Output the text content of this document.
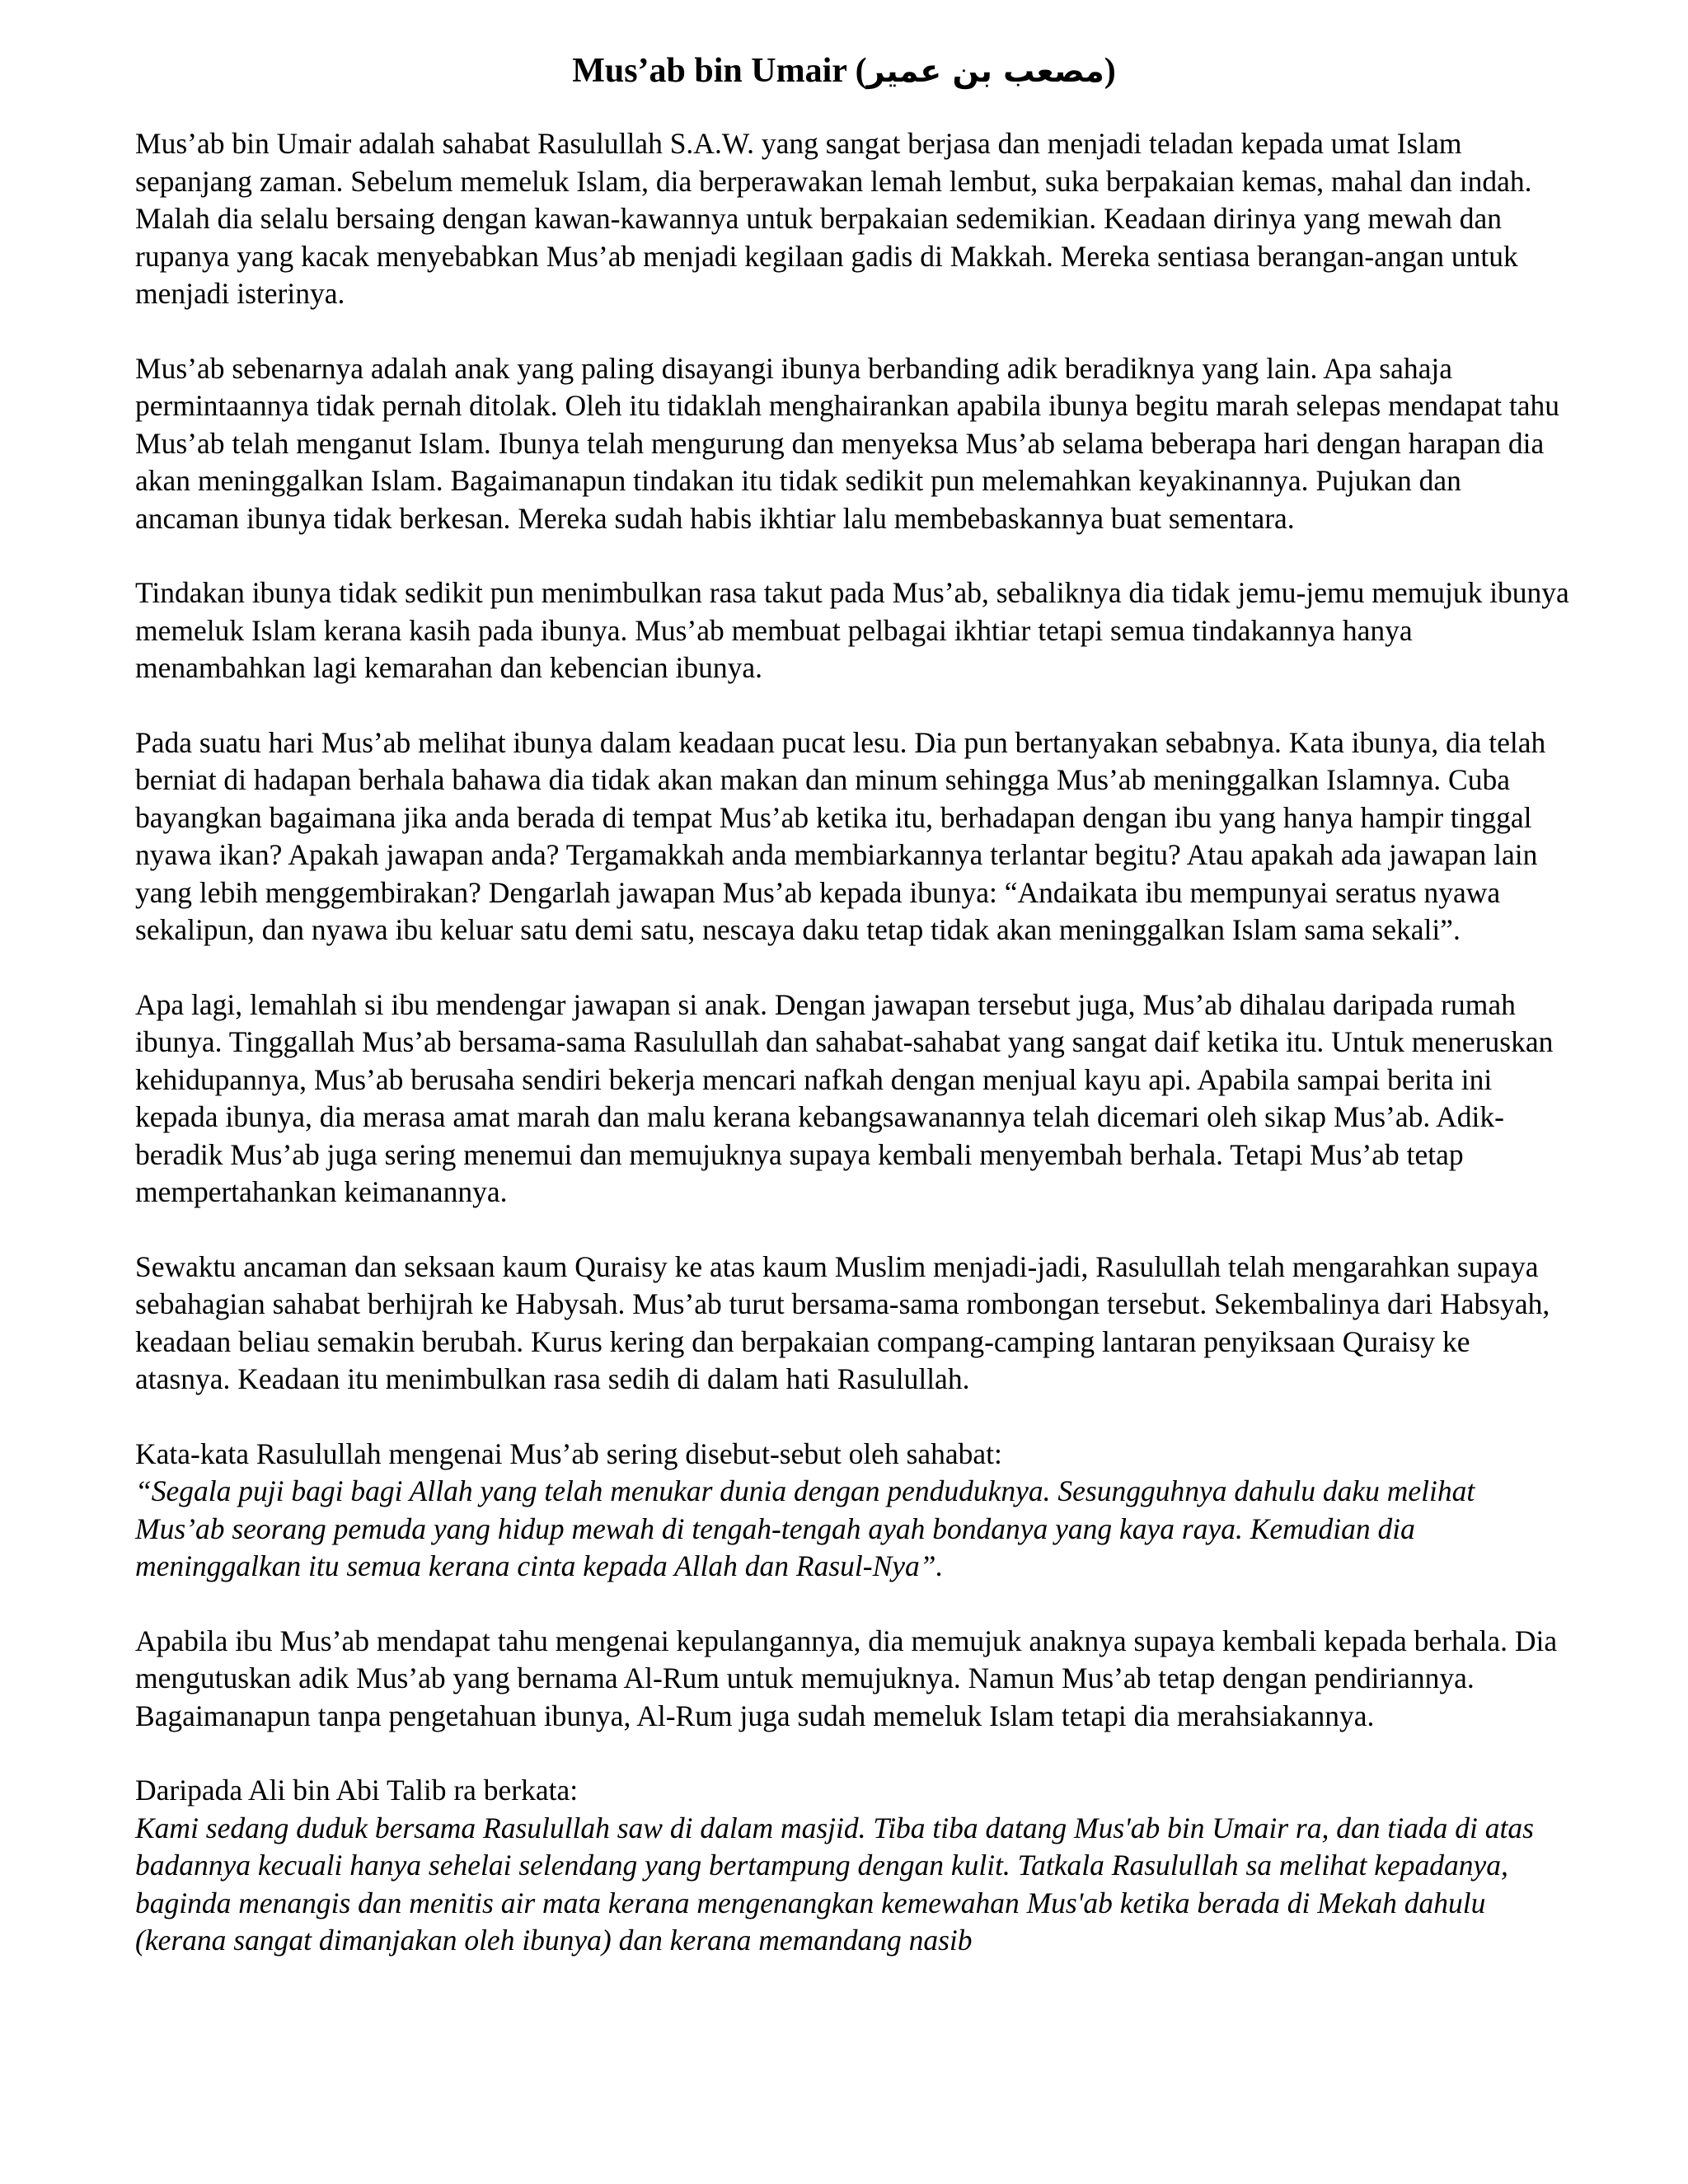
Mus’ab bin Umair (مصعب بن عمير)

Mus’ab bin Umair adalah sahabat Rasulullah S.A.W. yang sangat berjasa dan menjadi teladan kepada umat Islam sepanjang zaman. Sebelum memeluk Islam, dia berperawakan lemah lembut, suka berpakaian kemas, mahal dan indah. Malah dia selalu bersaing dengan kawan-kawannya untuk berpakaian sedemikian. Keadaan dirinya yang mewah dan rupanya yang kacak menyebabkan Mus’ab menjadi kegilaan gadis di Makkah. Mereka sentiasa berangan-angan untuk menjadi isterinya.

Mus’ab sebenarnya adalah anak yang paling disayangi ibunya berbanding adik beradiknya yang lain. Apa sahaja permintaannya tidak pernah ditolak. Oleh itu tidaklah menghairankan apabila ibunya begitu marah selepas mendapat tahu Mus’ab telah menganut Islam. Ibunya telah mengurung dan menyeksa Mus’ab selama beberapa hari dengan harapan dia akan meninggalkan Islam. Bagaimanapun tindakan itu tidak sedikit pun melemahkan keyakinannya. Pujukan dan ancaman ibunya tidak berkesan. Mereka sudah habis ikhtiar lalu membebaskannya buat sementara.

Tindakan ibunya tidak sedikit pun menimbulkan rasa takut pada Mus’ab, sebaliknya dia tidak jemu-jemu memujuk ibunya memeluk Islam kerana kasih pada ibunya. Mus’ab membuat pelbagai ikhtiar tetapi semua tindakannya hanya menambahkan lagi kemarahan dan kebencian ibunya.

Pada suatu hari Mus’ab melihat ibunya dalam keadaan pucat lesu. Dia pun bertanyakan sebabnya. Kata ibunya, dia telah berniat di hadapan berhala bahawa dia tidak akan makan dan minum sehingga Mus’ab meninggalkan Islamnya. Cuba bayangkan bagaimana jika anda berada di tempat Mus’ab ketika itu, berhadapan dengan ibu yang hanya hampir tinggal nyawa ikan? Apakah jawapan anda? Tergamakkah anda membiarkannya terlantar begitu? Atau apakah ada jawapan lain yang lebih menggembirakan? Dengarlah jawapan Mus’ab kepada ibunya: “Andaikata ibu mempunyai seratus nyawa sekalipun, dan nyawa ibu keluar satu demi satu, nescaya daku tetap tidak akan meninggalkan Islam sama sekali”.

Apa lagi, lemahlah si ibu mendengar jawapan si anak. Dengan jawapan tersebut juga, Mus’ab dihalau daripada rumah ibunya. Tinggallah Mus’ab bersama-sama Rasulullah dan sahabat-sahabat yang sangat daif ketika itu. Untuk meneruskan kehidupannya, Mus’ab berusaha sendiri bekerja mencari nafkah dengan menjual kayu api. Apabila sampai berita ini kepada ibunya, dia merasa amat marah dan malu kerana kebangsawanannya telah dicemari oleh sikap Mus’ab. Adik-beradik Mus’ab juga sering menemui dan memujuknya supaya kembali menyembah berhala. Tetapi Mus’ab tetap mempertahankan keimanannya.

Sewaktu ancaman dan seksaan kaum Quraisy ke atas kaum Muslim menjadi-jadi, Rasulullah telah mengarahkan supaya sebahagian sahabat berhijrah ke Habysah. Mus’ab turut bersama-sama rombongan tersebut. Sekembalinya dari Habsyah, keadaan beliau semakin berubah. Kurus kering dan berpakaian compang-camping lantaran penyiksaan Quraisy ke atasnya. Keadaan itu menimbulkan rasa sedih di dalam hati Rasulullah.

Kata-kata Rasulullah mengenai Mus’ab sering disebut-sebut oleh sahabat:

“Segala puji bagi bagi Allah yang telah menukar dunia dengan penduduknya. Sesungguhnya dahulu daku melihat Mus’ab seorang pemuda yang hidup mewah di tengah-tengah ayah bondanya yang kaya raya. Kemudian dia meninggalkan itu semua kerana cinta kepada Allah dan Rasul-Nya”.

Apabila ibu Mus’ab mendapat tahu mengenai kepulangannya, dia memujuk anaknya supaya kembali kepada berhala. Dia mengutuskan adik Mus’ab yang bernama Al-Rum untuk memujuknya. Namun Mus’ab tetap dengan pendiriannya. Bagaimanapun tanpa pengetahuan ibunya, Al-Rum juga sudah memeluk Islam tetapi dia merahsiakannya.

Daripada Ali bin Abi Talib ra berkata:

Kami sedang duduk bersama Rasulullah saw di dalam masjid. Tiba tiba datang Mus'ab bin Umair ra, dan tiada di atas badannya kecuali hanya sehelai selendang yang bertampung dengan kulit. Tatkala Rasulullah sa melihat kepadanya, baginda menangis dan menitis air mata kerana mengenangkan kemewahan Mus'ab ketika berada di Mekah dahulu (kerana sangat dimanjakan oleh ibunya) dan kerana memandang nasib
